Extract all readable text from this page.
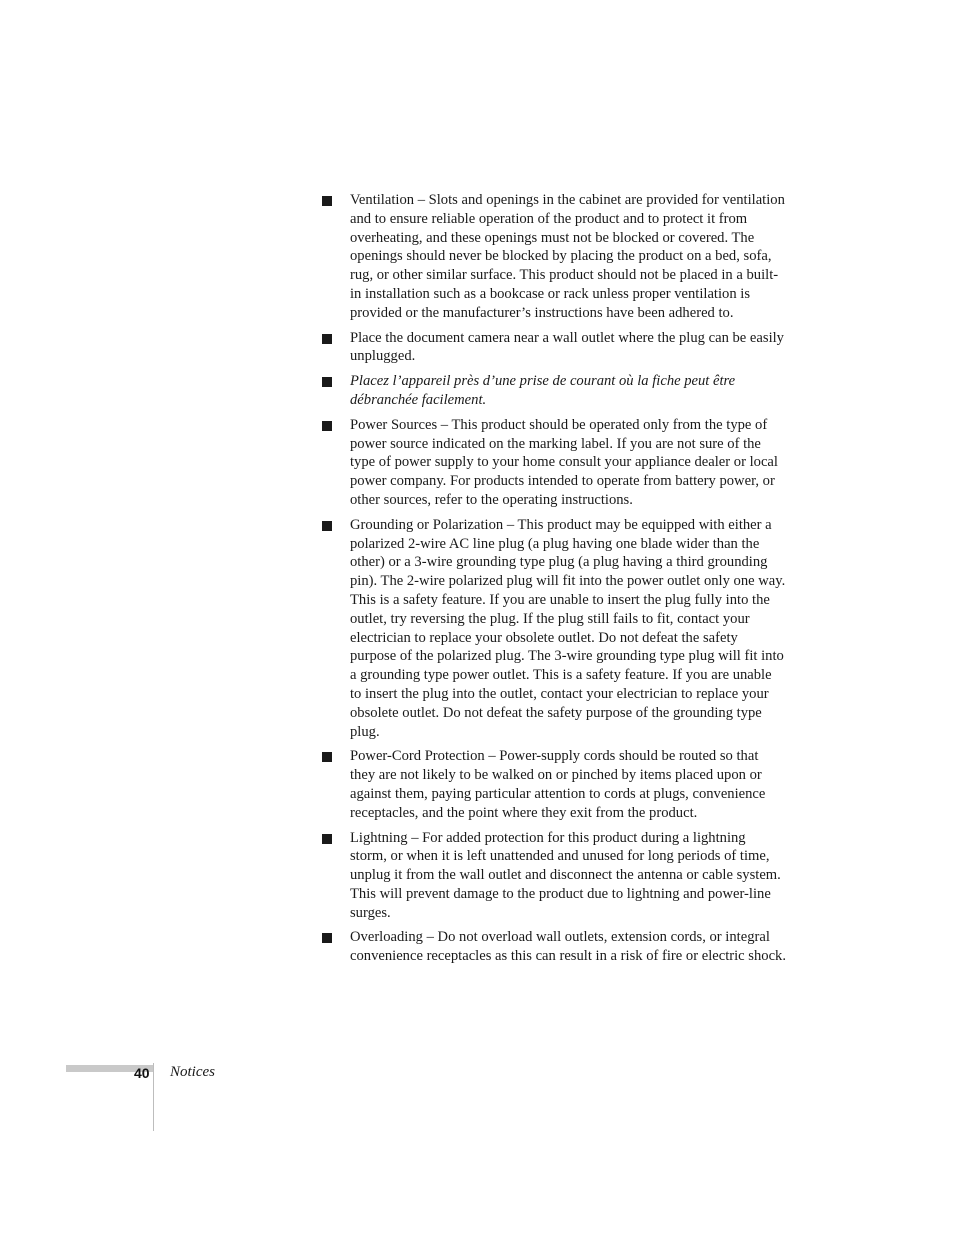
Ventilation – Slots and openings in the cabinet are provided for ventilation and to ensure reliable operation of the product and to protect it from overheating, and these openings must not be blocked or covered. The openings should never be blocked by placing the product on a bed, sofa, rug, or other similar surface. This product should not be placed in a built-in installation such as a bookcase or rack unless proper ventilation is provided or the manufacturer’s instructions have been adhered to.
Place the document camera near a wall outlet where the plug can be easily unplugged.
Placez l’appareil près d’une prise de courant où la fiche peut être débranchée facilement.
Power Sources – This product should be operated only from the type of power source indicated on the marking label. If you are not sure of the type of power supply to your home consult your appliance dealer or local power company. For products intended to operate from battery power, or other sources, refer to the operating instructions.
Grounding or Polarization – This product may be equipped with either a polarized 2-wire AC line plug (a plug having one blade wider than the other) or a 3-wire grounding type plug (a plug having a third grounding pin). The 2-wire polarized plug will fit into the power outlet only one way. This is a safety feature. If you are unable to insert the plug fully into the outlet, try reversing the plug. If the plug still fails to fit, contact your electrician to replace your obsolete outlet. Do not defeat the safety purpose of the polarized plug. The 3-wire grounding type plug will fit into a grounding type power outlet. This is a safety feature. If you are unable to insert the plug into the outlet, contact your electrician to replace your obsolete outlet. Do not defeat the safety purpose of the grounding type plug.
Power-Cord Protection – Power-supply cords should be routed so that they are not likely to be walked on or pinched by items placed upon or against them, paying particular attention to cords at plugs, convenience receptacles, and the point where they exit from the product.
Lightning – For added protection for this product during a lightning storm, or when it is left unattended and unused for long periods of time, unplug it from the wall outlet and disconnect the antenna or cable system. This will prevent damage to the product due to lightning and power-line surges.
Overloading – Do not overload wall outlets, extension cords, or integral convenience receptacles as this can result in a risk of fire or electric shock.
40 Notices
